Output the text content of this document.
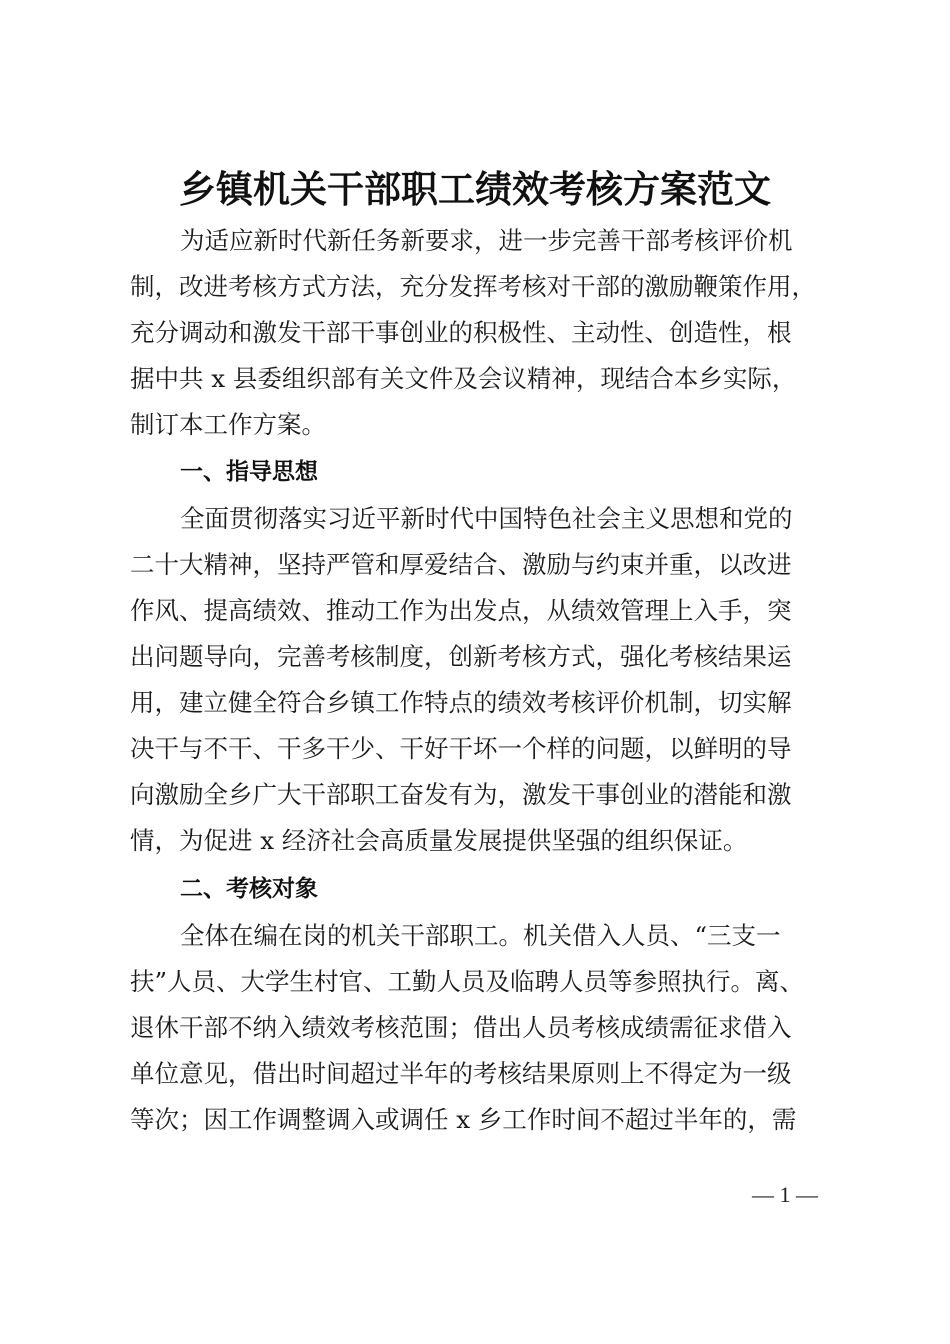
乡镇机关干部职工绩效考核方案范文
为适应新时代新任务新要求，进一步完善干部考核评价机
制，改进考核方式方法，充分发挥考核对干部的激励鞭策作用，
充分调动和激发干部干事创业的积极性、主动性、创造性，根
据中共 x 县委组织部有关文件及会议精神，现结合本乡实际，
制订本工作方案。
一、指导思想
全面贯彻落实习近平新时代中国特色社会主义思想和党的
二十大精神，坚持严管和厚爱结合、激励与约束并重，以改进
作风、提高绩效、推动工作为出发点，从绩效管理上入手，突
出问题导向，完善考核制度，创新考核方式，强化考核结果运
用，建立健全符合乡镇工作特点的绩效考核评价机制，切实解
决干与不干、干多干少、干好干坏一个样的问题，以鲜明的导
向激励全乡广大干部职工奋发有为，激发干事创业的潜能和激
情，为促进 x 经济社会高质量发展提供坚强的组织保证。
二、考核对象
全体在编在岗的机关干部职工。机关借入人员、“三支一
扶”人员、大学生村官、工勤人员及临聘人员等参照执行。离、
退休干部不纳入绩效考核范围；借出人员考核成绩需征求借入
单位意见，借出时间超过半年的考核结果原则上不得定为一级
等次；因工作调整调入或调任 x 乡工作时间不超过半年的，需
— 1 —
